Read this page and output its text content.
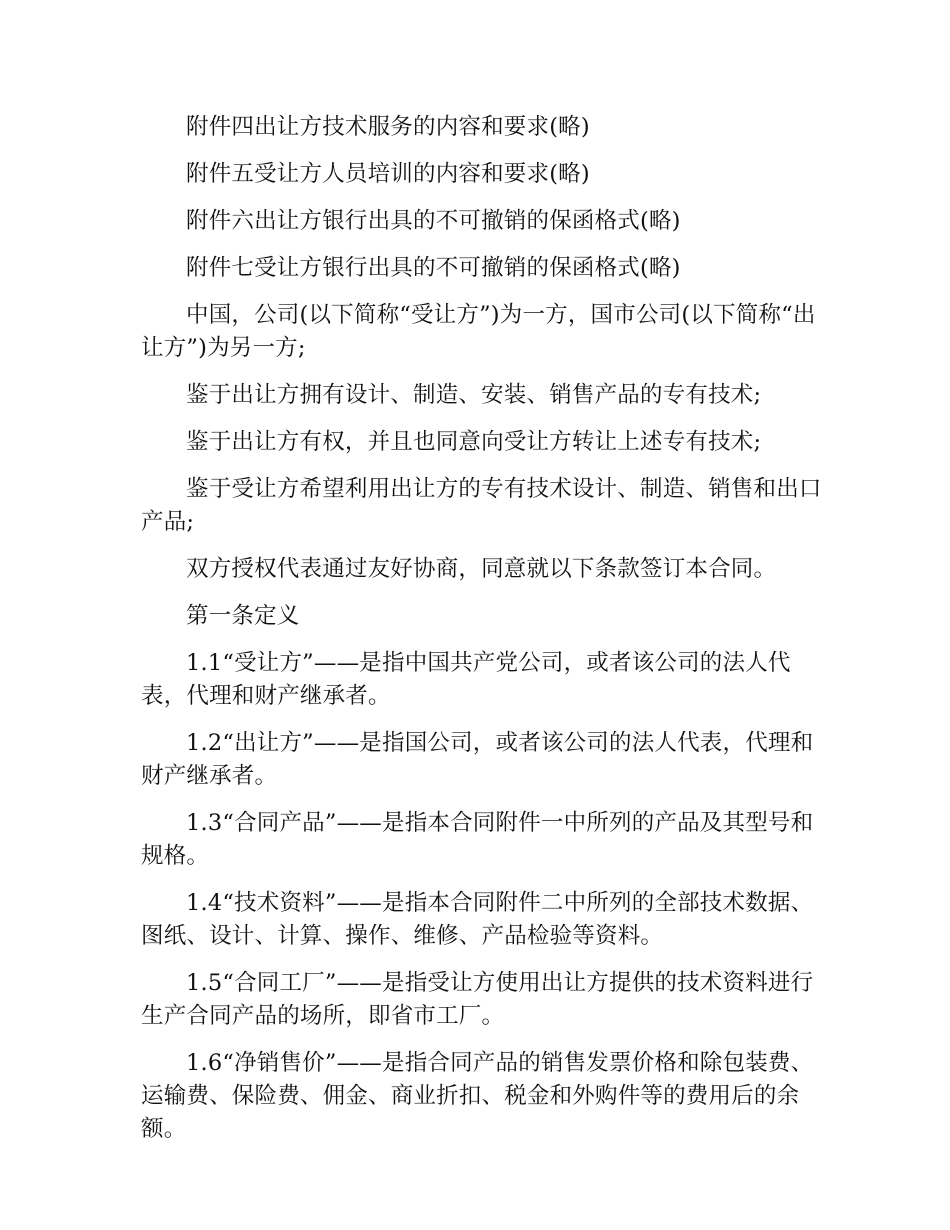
附件四出让方技术服务的内容和要求(略)

附件五受让方人员培训的内容和要求(略)

附件六出让方银行出具的不可撤销的保函格式(略)

附件七受让方银行出具的不可撤销的保函格式(略)

中国，公司(以下简称“受让方”)为一方，国市公司(以下简称“出让方”)为另一方;

鉴于出让方拥有设计、制造、安装、销售产品的专有技术;

鉴于出让方有权，并且也同意向受让方转让上述专有技术;

鉴于受让方希望利用出让方的专有技术设计、制造、销售和出口产品;

双方授权代表通过友好协商，同意就以下条款签订本合同。

第一条定义

1.1“受让方”——是指中国共产党公司，或者该公司的法人代表，代理和财产继承者。

1.2“出让方”——是指国公司，或者该公司的法人代表，代理和财产继承者。

1.3“合同产品”——是指本合同附件一中所列的产品及其型号和规格。

1.4“技术资料”——是指本合同附件二中所列的全部技术数据、图纸、设计、计算、操作、维修、产品检验等资料。

1.5“合同工厂”——是指受让方使用出让方提供的技术资料进行生产合同产品的场所，即省市工厂。

1.6“净销售价”——是指合同产品的销售发票价格和除包装费、运输费、保险费、佣金、商业折扣、税金和外购件等的费用后的余额。
